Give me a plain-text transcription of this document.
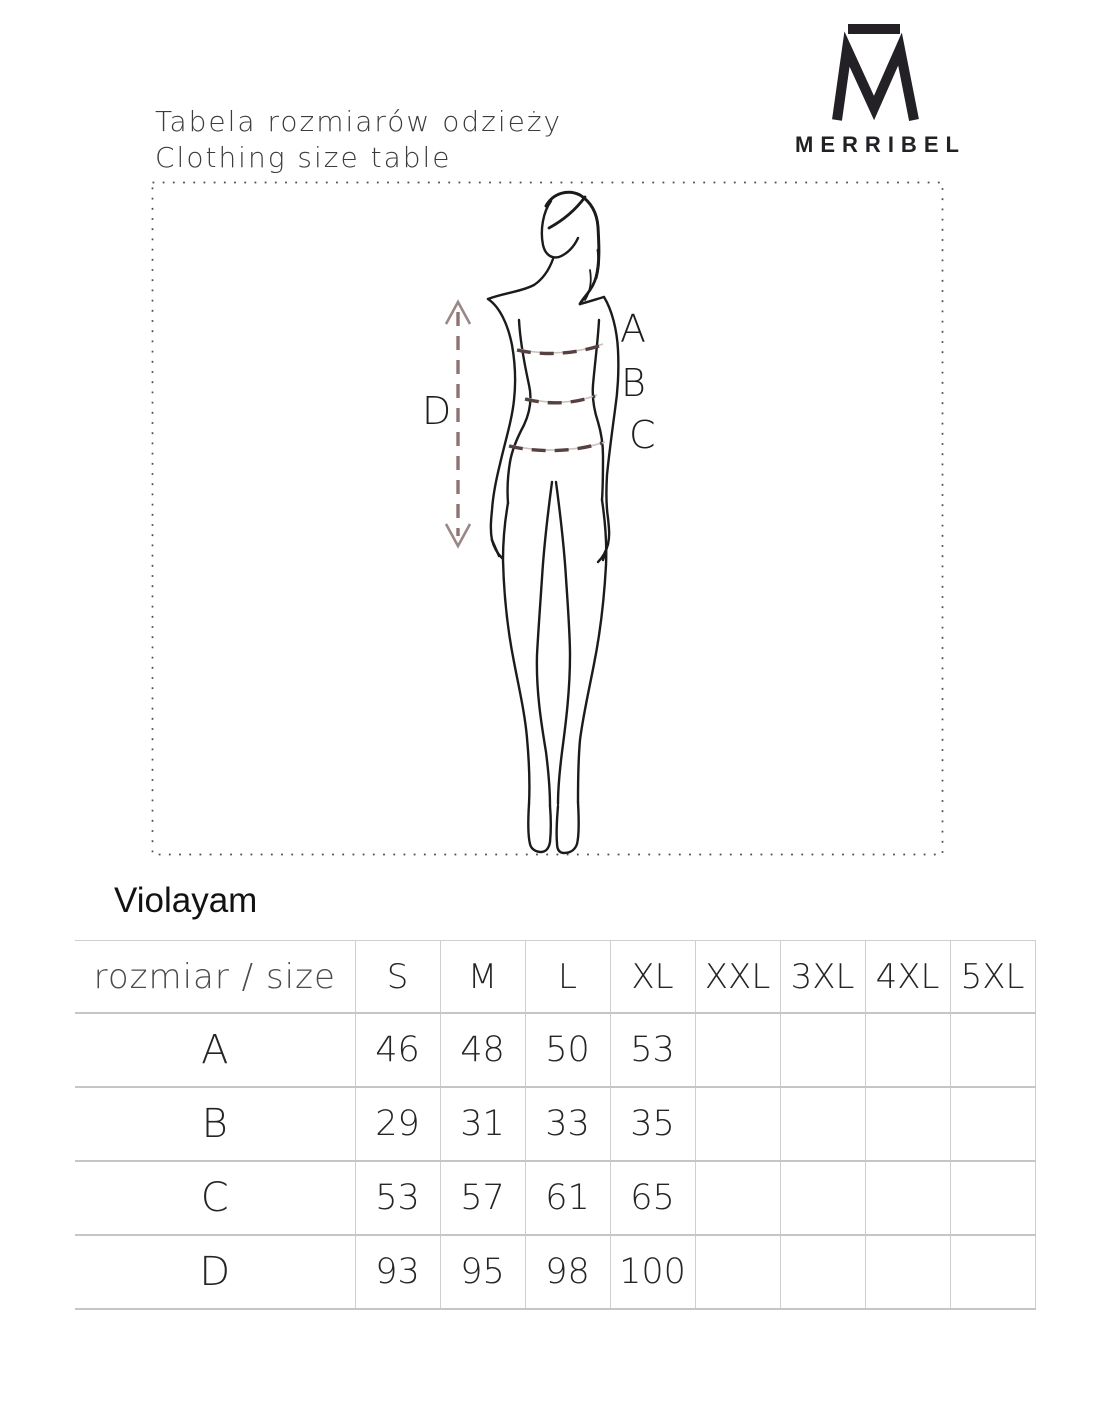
Tabela rozmiarów odzieży
Clothing size table	MERRIBEL
A
B
C
D
Violayam
rozmiar / size	S	M	L	XL	XXL	3XL	4XL	5XL
A	46	48	50	53				
B	29	31	33	35				
C	53	57	61	65				
D	93	95	98	100				
